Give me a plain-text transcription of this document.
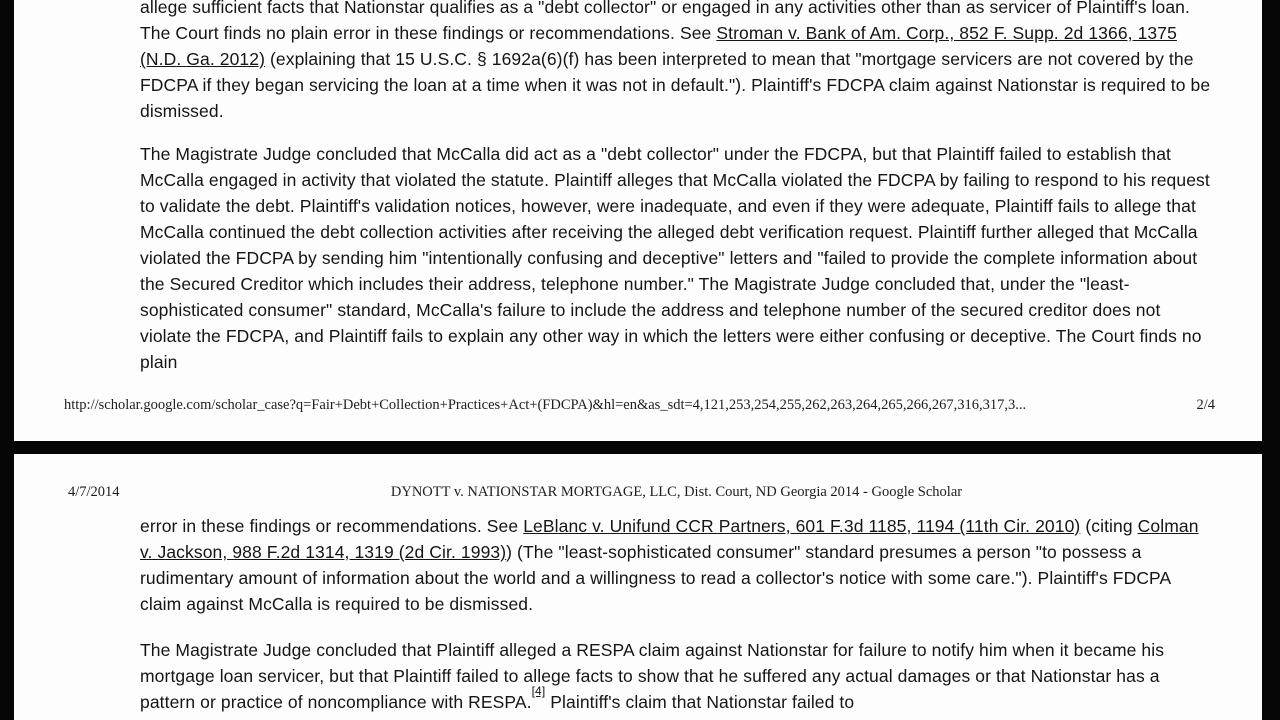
allege sufficient facts that Nationstar qualifies as a "debt collector" or engaged in any activities other than as servicer of Plaintiff's loan. The Court finds no plain error in these findings or recommendations. See Stroman v. Bank of Am. Corp., 852 F. Supp. 2d 1366, 1375 (N.D. Ga. 2012) (explaining that 15 U.S.C. § 1692a(6)(f) has been interpreted to mean that "mortgage servicers are not covered by the FDCPA if they began servicing the loan at a time when it was not in default."). Plaintiff's FDCPA claim against Nationstar is required to be dismissed.

The Magistrate Judge concluded that McCalla did act as a "debt collector" under the FDCPA, but that Plaintiff failed to establish that McCalla engaged in activity that violated the statute. Plaintiff alleges that McCalla violated the FDCPA by failing to respond to his request to validate the debt. Plaintiff's validation notices, however, were inadequate, and even if they were adequate, Plaintiff fails to allege that McCalla continued the debt collection activities after receiving the alleged debt verification request. Plaintiff further alleged that McCalla violated the FDCPA by sending him "intentionally confusing and deceptive" letters and "failed to provide the complete information about the Secured Creditor which includes their address, telephone number." The Magistrate Judge concluded that, under the "least-sophisticated consumer" standard, McCalla's failure to include the address and telephone number of the secured creditor does not violate the FDCPA, and Plaintiff fails to explain any other way in which the letters were either confusing or deceptive. The Court finds no plain

http://scholar.google.com/scholar_case?q=Fair+Debt+Collection+Practices+Act+(FDCPA)&hl=en&as_sdt=4,121,253,254,255,262,263,264,265,266,267,316,317,3...	2/4
4/7/2014	DYNOTT v. NATIONSTAR MORTGAGE, LLC, Dist. Court, ND Georgia 2014 - Google Scholar

error in these findings or recommendations. See LeBlanc v. Unifund CCR Partners, 601 F.3d 1185, 1194 (11th Cir. 2010) (citing Colman v. Jackson, 988 F.2d 1314, 1319 (2d Cir. 1993)) (The "least-sophisticated consumer" standard presumes a person "to possess a rudimentary amount of information about the world and a willingness to read a collector's notice with some care."). Plaintiff's FDCPA claim against McCalla is required to be dismissed.

The Magistrate Judge concluded that Plaintiff alleged a RESPA claim against Nationstar for failure to notify him when it became his mortgage loan servicer, but that Plaintiff failed to allege facts to show that he suffered any actual damages or that Nationstar has a pattern or practice of noncompliance with RESPA.[4] Plaintiff's claim that Nationstar failed to
